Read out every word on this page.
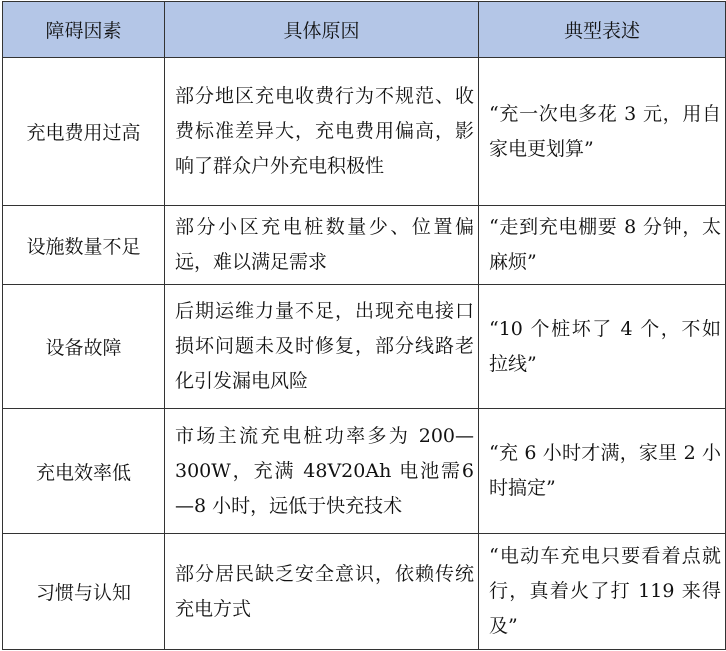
障碍因素	具体原因	典型表述
充电费用过高	部分地区充电收费行为不规范、收费标准差异大，充电费用偏高，影响了群众户外充电积极性	“充一次电多花 3 元，用自家电更划算”
设施数量不足	部分小区充电桩数量少、位置偏远，难以满足需求	“走到充电棚要 8 分钟，太麻烦”
设备故障	后期运维力量不足，出现充电接口损坏问题未及时修复，部分线路老化引发漏电风险	“10 个桩坏了 4 个，不如拉线”
充电效率低	市场主流充电桩功率多为 200—300W，充满 48V20Ah 电池需6—8 小时，远低于快充技术	“充 6 小时才满，家里 2 小时搞定”
习惯与认知	部分居民缺乏安全意识，依赖传统充电方式	“电动车充电只要看着点就行，真着火了打 119 来得及”
